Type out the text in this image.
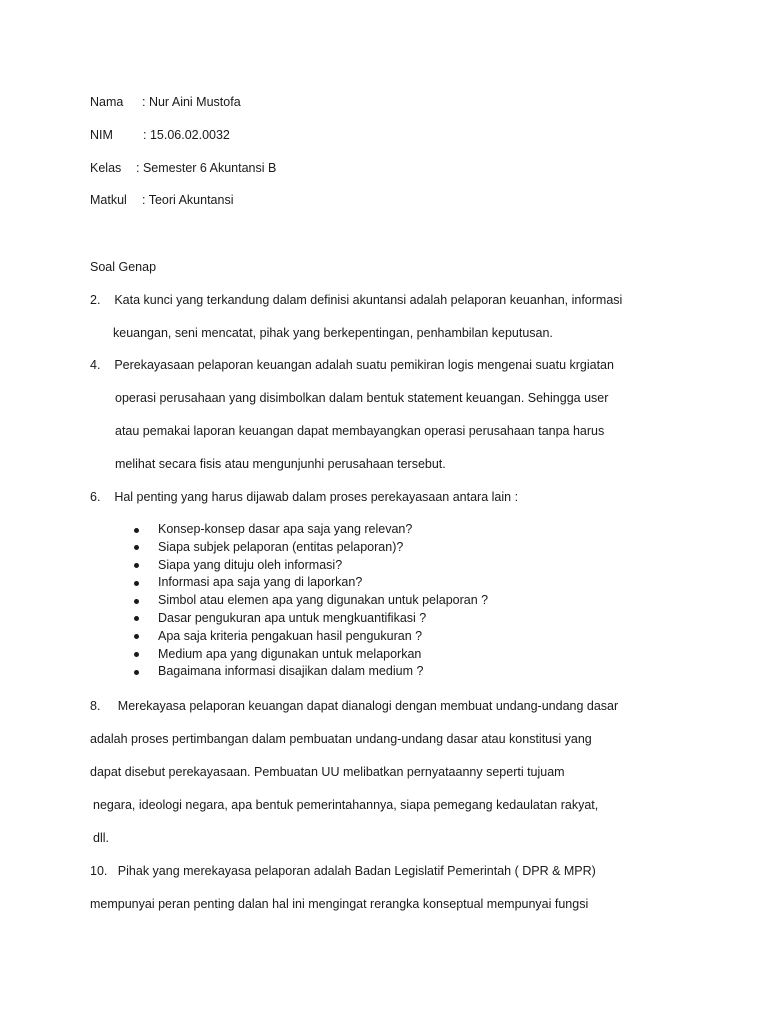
Nama : Nur Aini Mustofa
NIM : 15.06.02.0032
Kelas : Semester 6 Akuntansi B
Matkul : Teori Akuntansi
Soal Genap
2.    Kata kunci yang terkandung dalam definisi akuntansi adalah pelaporan keuanhan, informasi
keuangan, seni mencatat, pihak yang berkepentingan, penhambilan keputusan.
4.    Perekayasaan pelaporan keuangan adalah suatu pemikiran logis mengenai suatu krgiatan
operasi perusahaan yang disimbolkan dalam bentuk statement keuangan. Sehingga user
atau pemakai laporan keuangan dapat membayangkan operasi perusahaan tanpa harus
melihat secara fisis atau mengunjunhi perusahaan tersebut.
6.    Hal penting yang harus dijawab dalam proses perekayasaan antara lain :
Konsep-konsep dasar apa saja yang relevan?
Siapa subjek pelaporan (entitas pelaporan)?
Siapa yang dituju oleh informasi?
Informasi apa saja yang di laporkan?
Simbol atau elemen apa yang digunakan untuk pelaporan ?
Dasar pengukuran apa untuk mengkuantifikasi ?
Apa saja kriteria pengakuan hasil pengukuran ?
Medium apa yang digunakan untuk melaporkan
Bagaimana informasi disajikan dalam medium ?
8.     Merekayasa pelaporan keuangan dapat dianalogi dengan membuat undang-undang dasar
adalah proses pertimbangan dalam pembuatan undang-undang dasar atau konstitusi yang
dapat disebut perekayasaan. Pembuatan UU melibatkan pernyataanny seperti tujuam
negara, ideologi negara, apa bentuk pemerintahannya, siapa pemegang kedaulatan rakyat,
dll.
10.   Pihak yang merekayasa pelaporan adalah Badan Legislatif Pemerintah ( DPR & MPR)
mempunyai peran penting dalan hal ini mengingat rerangka konseptual mempunyai fungsi
